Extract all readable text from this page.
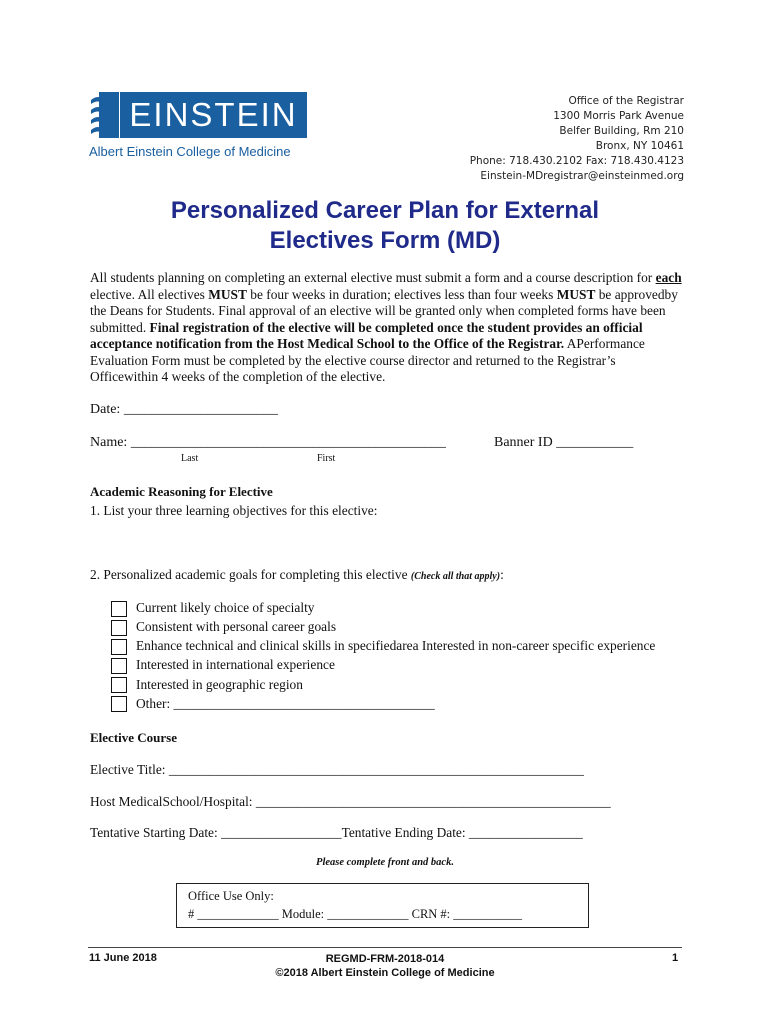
EINSTEIN
Albert Einstein College of Medicine
Office of the Registrar
1300 Morris Park Avenue
Belfer Building, Rm 210
Bronx, NY 10461
Phone: 718.430.2102 Fax: 718.430.4123
Einstein-MDregistrar@einsteinmed.org
Personalized Career Plan for External
Electives Form (MD)
All students planning on completing an external elective must submit a form and a course description for each elective. All electives MUST be four weeks in duration; electives less than four weeks MUST be approvedby the Deans for Students. Final approval of an elective will be granted only when completed forms have been submitted. Final registration of the elective will be completed once the student provides an official acceptance notification from the Host Medical School to the Office of the Registrar. APerformance Evaluation Form must be completed by the elective course director and returned to the Registrar’s Officewithin 4 weeks of the completion of the elective.
Date: ______________________
Name: _____________________________________________	Banner ID ___________
Last	First
Academic Reasoning for Elective
1. List your three learning objectives for this elective:
2. Personalized academic goals for completing this elective (Check all that apply):
Current likely choice of specialty
Consistent with personal career goals
Enhance technical and clinical skills in specifiedarea Interested in non-career specific experience
Interested in international experience
Interested in geographic region
Other: _______________________________________
Elective Course
Elective Title: ______________________________________________________________
Host MedicalSchool/Hospital: _____________________________________________________
Tentative Starting Date: __________________Tentative Ending Date: _________________
Please complete front and back.
Office Use Only:
# _____________ Module: _____________ CRN #: ___________
11 June 2018	REGMD-FRM-2018-014
©2018 Albert Einstein College of Medicine
1
